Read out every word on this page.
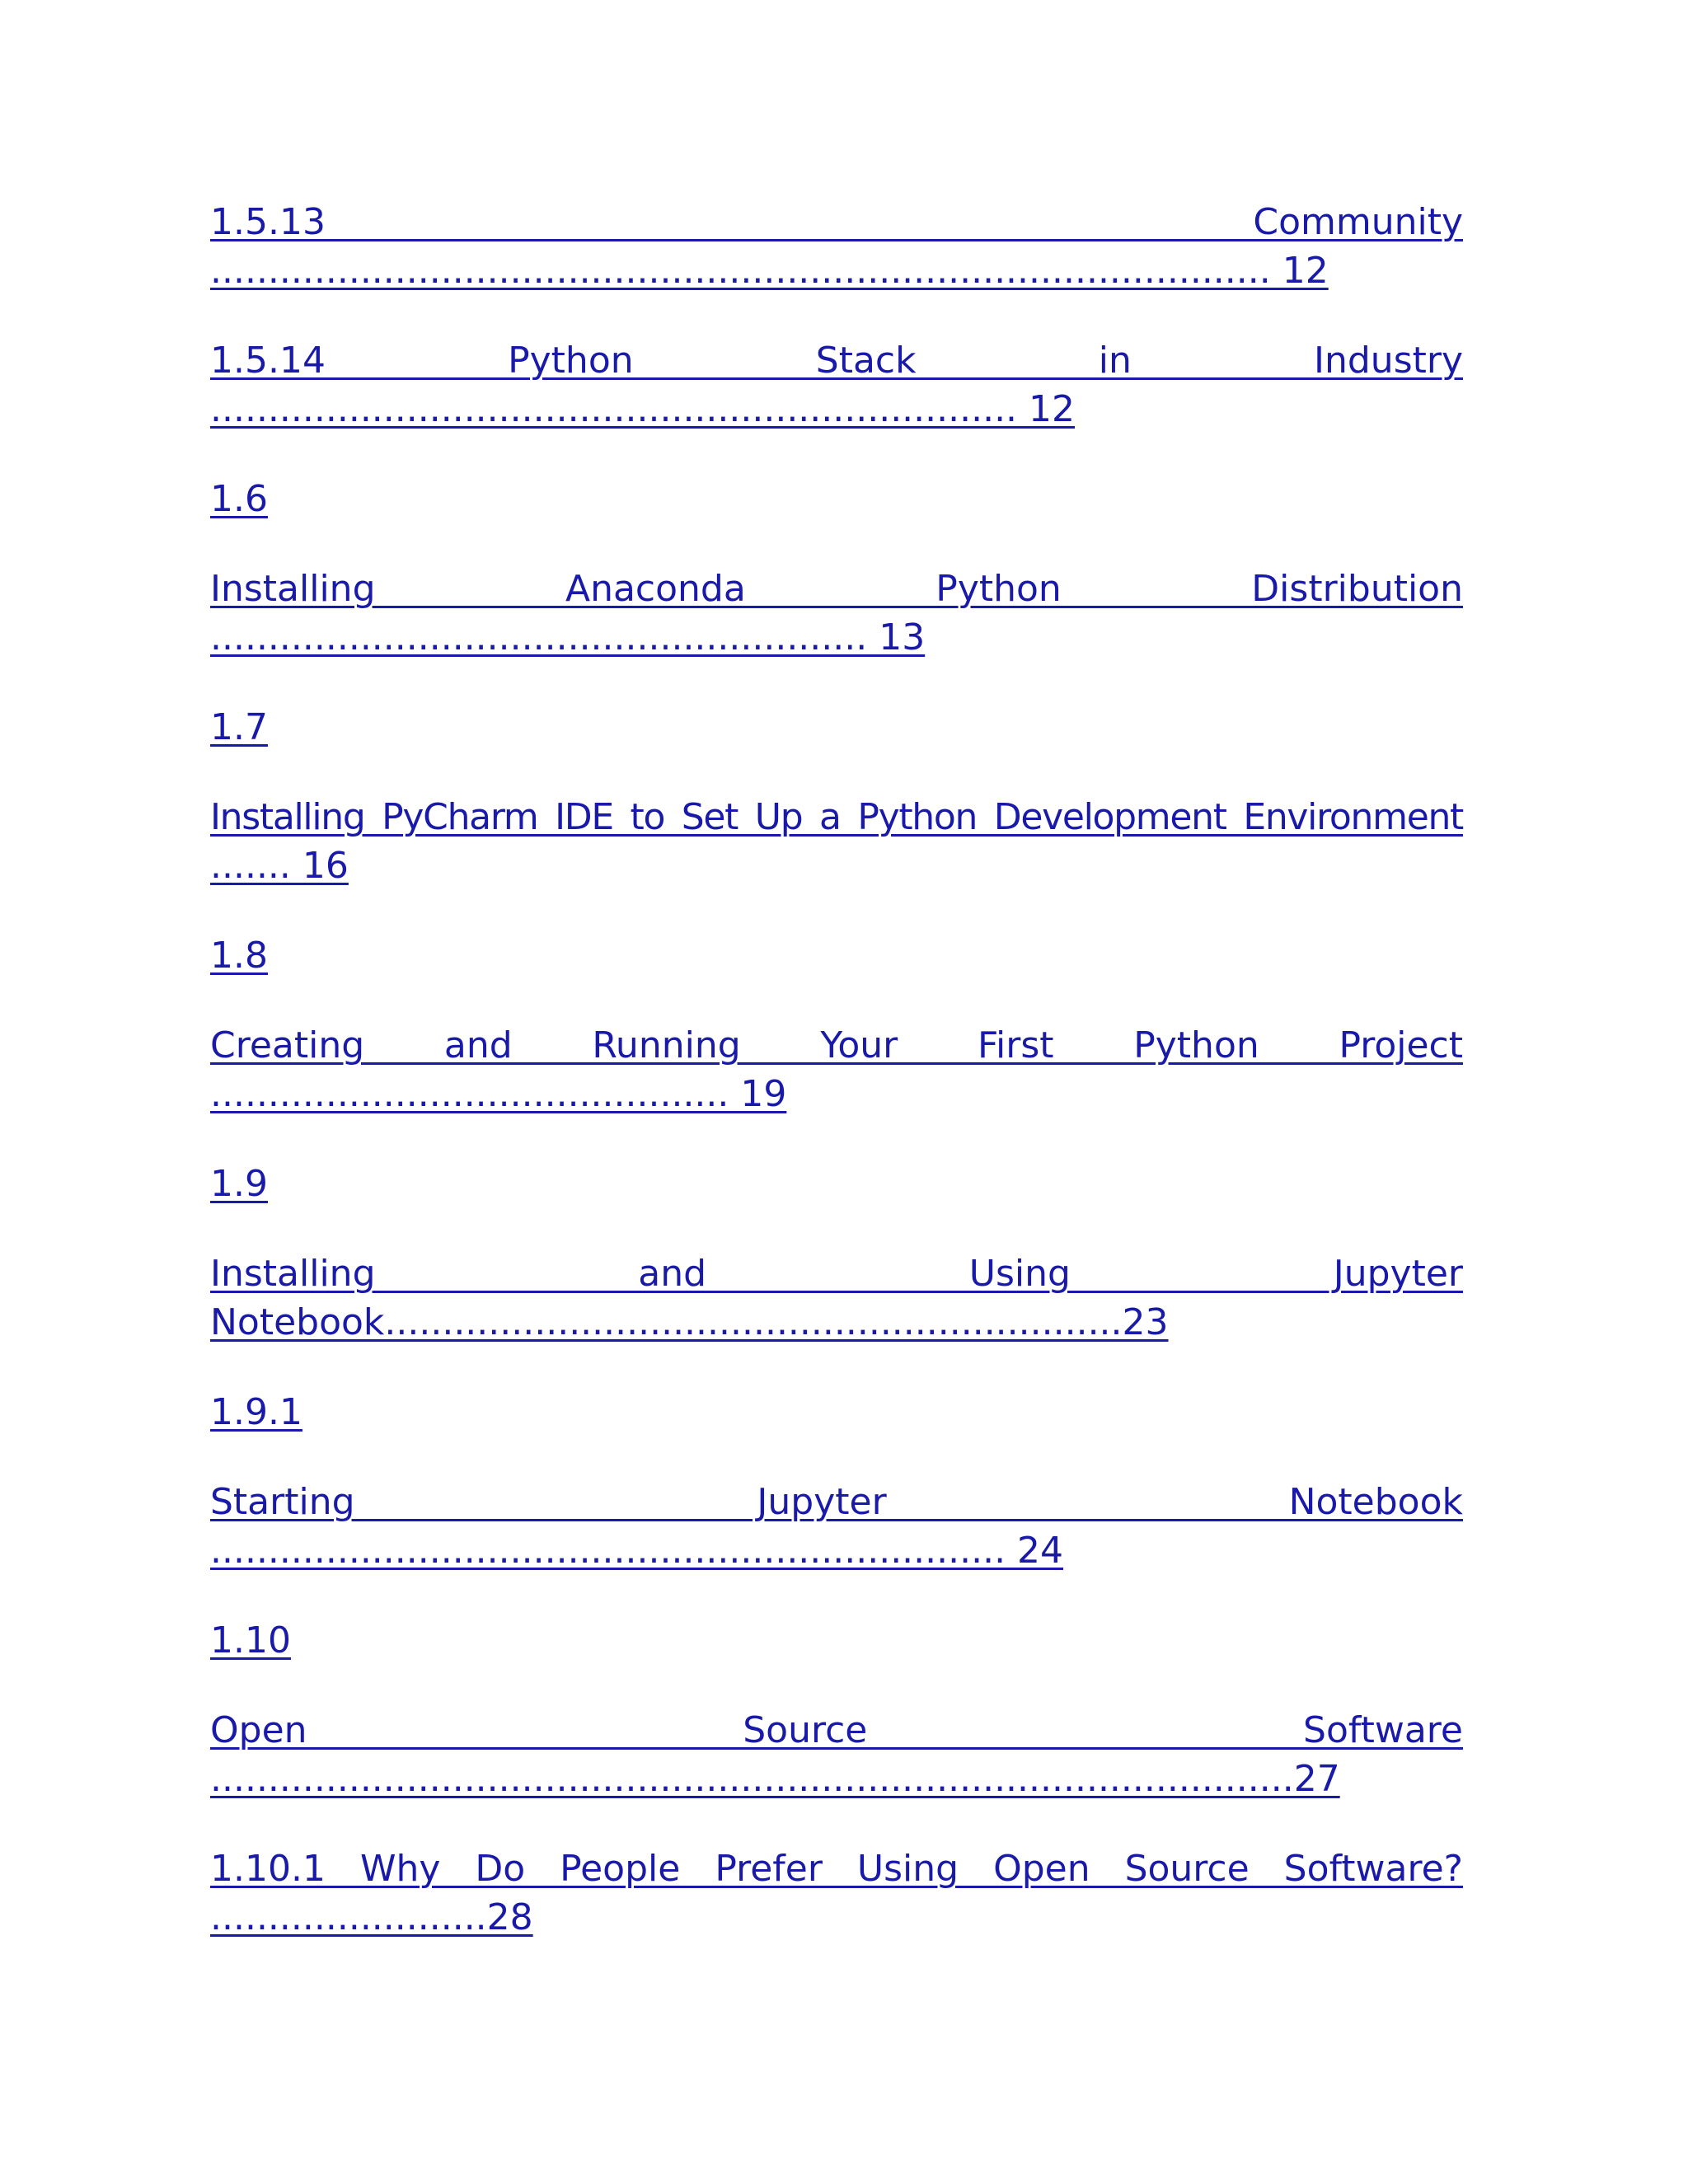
1.5.13 Community
............................................................................................ 12
1.5.14 Python Stack in Industry
...................................................................... 12
1.6
Installing Anaconda Python Distribution
......................................................... 13
1.7
Installing PyCharm IDE to Set Up a Python Development Environment
....... 16
1.8
Creating and Running Your First Python Project
............................................. 19
1.9
Installing and Using Jupyter
Notebook................................................................23
1.9.1
Starting Jupyter Notebook
..................................................................... 24
1.10
Open Source Software
..............................................................................................27
1.10.1 Why Do People Prefer Using Open Source Software?
........................28
